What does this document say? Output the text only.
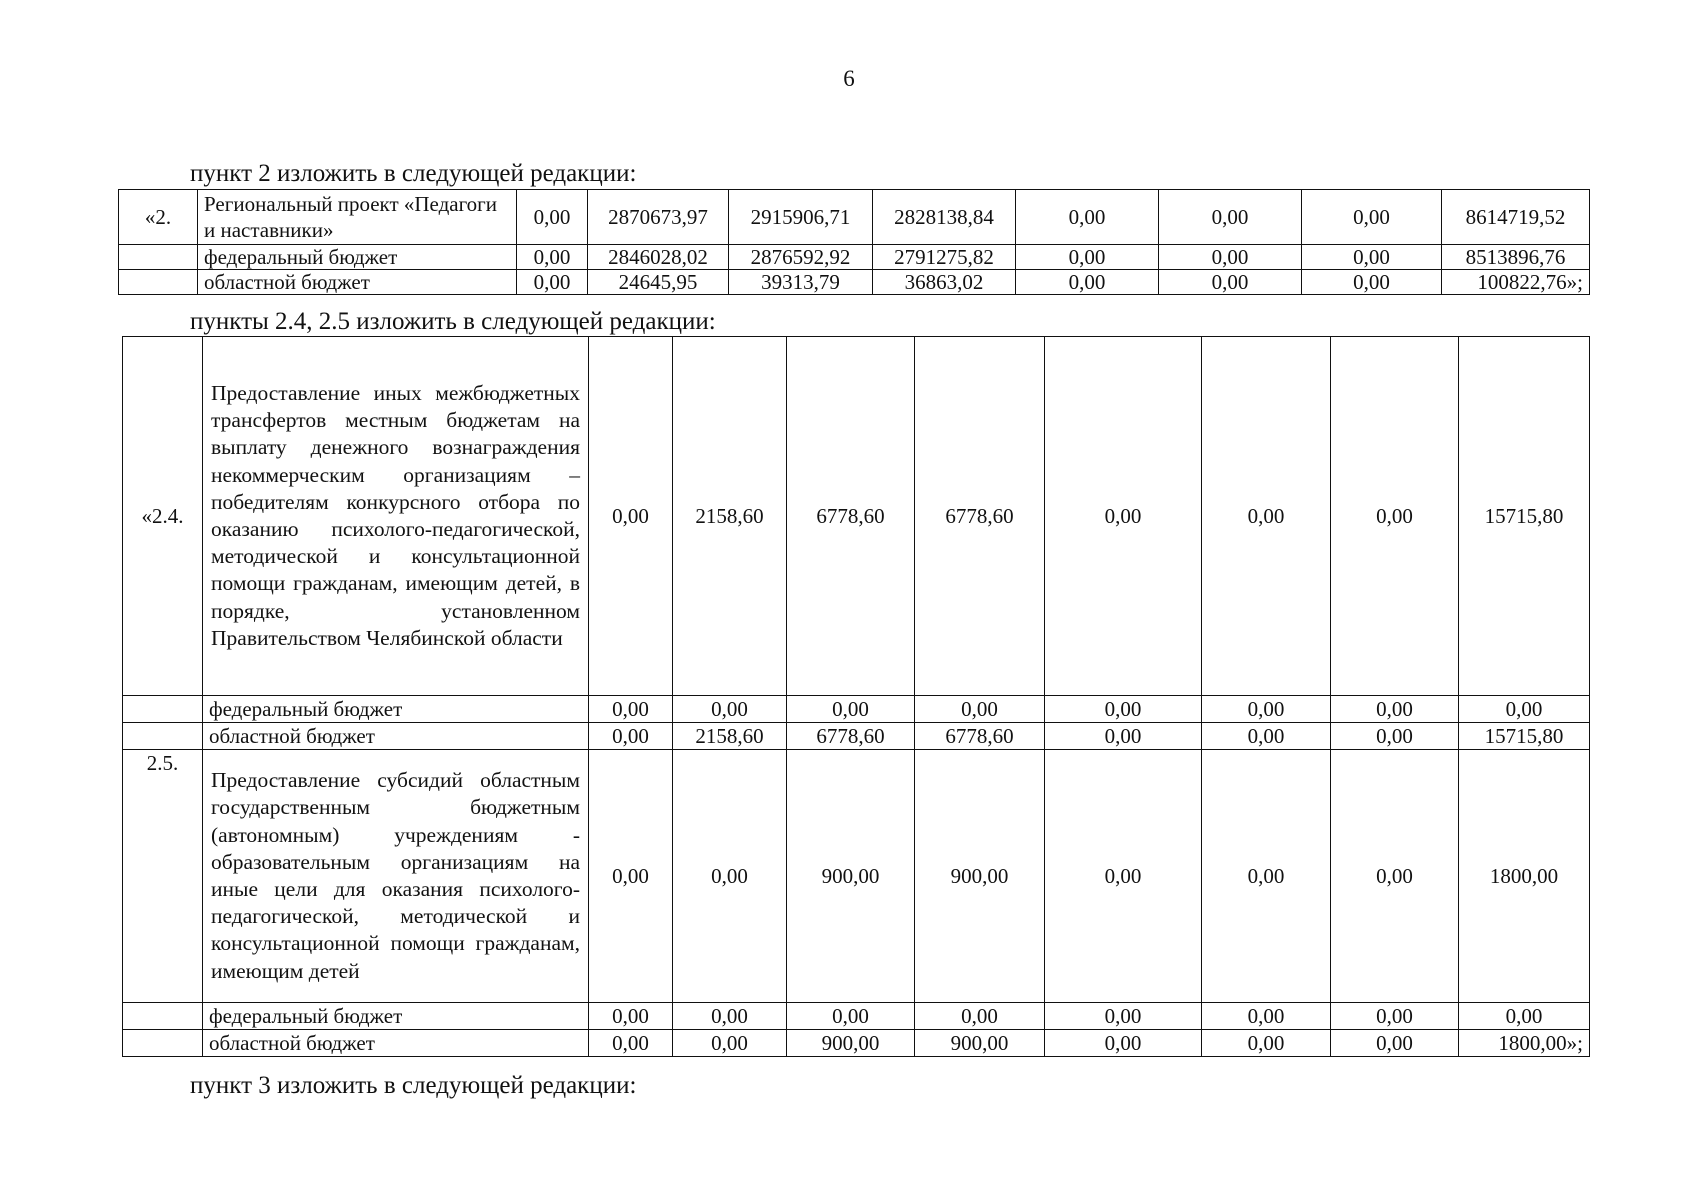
6
пункт 2 изложить в следующей редакции:
«2.	Региональный проект «Педагоги и наставники»	0,00	2870673,97	2915906,71	2828138,84	0,00	0,00	0,00	8614719,52
	федеральный бюджет	0,00	2846028,02	2876592,92	2791275,82	0,00	0,00	0,00	8513896,76
	областной бюджет	0,00	24645,95	39313,79	36863,02	0,00	0,00	0,00	100822,76»;
пункты 2.4, 2.5 изложить в следующей редакции:
«2.4.	Предоставление иных межбюджетных трансфертов местным бюджетам на выплату денежного вознаграждения некоммерческим организациям – победителям конкурсного отбора по оказанию психолого-педагогической, методической и консультационной помощи гражданам, имеющим детей, в порядке, установленном Правительством Челябинской области	0,00	2158,60	6778,60	6778,60	0,00	0,00	0,00	15715,80
	федеральный бюджет	0,00	0,00	0,00	0,00	0,00	0,00	0,00	0,00
	областной бюджет	0,00	2158,60	6778,60	6778,60	0,00	0,00	0,00	15715,80
2.5.	Предоставление субсидий областным государственным бюджетным (автономным) учреждениям - образовательным организациям на иные цели для оказания психолого-педагогической, методической и консультационной помощи гражданам, имеющим детей	0,00	0,00	900,00	900,00	0,00	0,00	0,00	1800,00
	федеральный бюджет	0,00	0,00	0,00	0,00	0,00	0,00	0,00	0,00
	областной бюджет	0,00	0,00	900,00	900,00	0,00	0,00	0,00	1800,00»;
пункт 3 изложить в следующей редакции:
